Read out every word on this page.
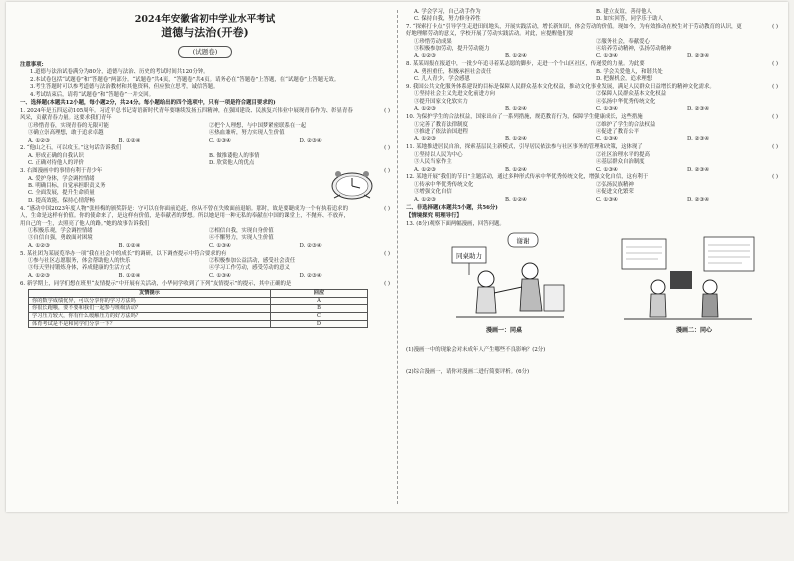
2024年安徽省初中学业水平考试
道德与法治(开卷)
(试题卷)
注意事项:

1.道德与法治试卷满分为80分，道德与法治、历史的考试时间共120分钟。

2.本试卷包括“试题卷”和“答题卷”两部分。“试题卷”共4页，“答题卷”共4页。请务必在“答题卷”上答题，在“试题卷”上答题无效。

3.考生答题时可以参考道德与法治教材和其他资料，但应独立思考，诚信答题。

4.考试结束后，请将“试题卷”和“答题卷”一并交回。

一、选择题(本题共12小题，每小题2分，共24分。每小题给出的四个选项中，只有一项是符合题目要求的)
1. 2024年是五四运动105周年。习近平总书记寄语新时代青年要继续发扬五四精神，在强国建设、民族复兴伟业中展现青春作为、彰显青春风采，贡献青春力量。这要求我们青年
( )
①珍惜青春，实现青春的无限可能	②把个人理想，与中国梦紧密联系在一起
③确立崇高理想，敢于追求卓越	④热血兼听，努力实现人生价值
A. ①②③	B. ①②④	C. ①③④	D. ②③④
2. “他山之石，可以攻玉。”这句话告诉我们	( )
A. 形成正确的自我认识	B. 做推诿他人的事情
C. 正确对待他人的评价	D. 欣赏他人的优点
3. 右图漫画中的事情有利于青少年

A. 爱护身体，学会调控情绪

B. 明确目标，自觉承担职责义务

C. 全面发展，提升生命质量

D. 提高效能，保持心情舒畅

( )
4. “感动中国2023年度人物”张桂梅的颁奖辞是：守可以在你面前追赶，你从不曾在失败面前退缩。那时，故是要睫成为一个有执着追求的人，生命是这样有价值。你的使命来了，是这样有价值，是奉献者的梦想。所以她是用一种无私的奉献在中国的课堂上，不抛弃、不放弃，用自己的一生，去照亮了他人的路。”她的故事告诉我们
( )
①积极乐观，学会调控情绪	②相信自我，实现自身价值
③自信自强，勇敢面对困境	④不懈努力，实现人生价值
A. ①②③	B. ①②④	C. ①③④	D. ②③④
5. 某社团为某展览举办一项“我在社会中的成长”的调研，以下调查提示中符合要求的有	( )
①参与社区志愿服务，体会帮助他人的快乐	②积极参加公益活动，感受社会责任
③每天坚持锻炼身体，养成健康的生活方式	④学习工作劳动，感受劳动的意义
A. ①②③	B. ①②④	C. ①③④	D. ②③④
6. 新学期上，同学们想在班里“友情提示”中开展有关活动，小华同学收到了下列“友情提示”的提示，其中正确的是	( )
友情提示	回应
你的数学成绩优异，可以分享你的学习方法吗	A
你很长跑哦，要不要和我们一起参与班级活动？	B
学习压力较大，你有什么缓解压力的好方法吗？	C
体育考试是不是和同学们分享一下？	D
A. 学会学习，自己动手作为	B. 建立友谊，善待他人
C. 保持自我，努力修身养性	D. 如实回答，同学乐于助人
7. “探索打卡点”引导学生走进田间地头，开展实践活动，增长新知识，体会劳动的价值。现如今，为有效推动在校生对于劳动教育的认识，更好地理解劳动的意义，学校开展了劳动实践活动。对此，应提醒他们要
( )
①珍惜劳动成果	②服务社会，奉献爱心
③积极参加劳动，提升劳动能力	④培养劳动精神，弘扬劳动精神
A. ①②③	B. ①②④	C. ①③④	D. ②③④
8. 某某周报在报道中，一批少年追寻着某志愿的脚步，走进一个个山区社区，传递爱的力量。为此要	( )
A. 勇担重任，积极承担社会责任	B. 学会关爱他人，和谐共处
C. 儿人青少，学会感恩	D. 把握机会，追求理想
9. 我国公共文化服务体系建设的目标是保障人民群众基本文化权益，推动文化事业发展，满足人民群众日益增长的精神文化需求。	( )
①坚持社会主义先进文化前进方向	②保障人民群众基本文化权益
③提升国家文化软实力	④弘扬中华优秀传统文化
A. ①②③	B. ①②④	C. ①③④	D. ②③④
10. 为保护学生的合法权益，国家出台了一系列措施，规范教育行为，保障学生健康成长，这些措施	( )
①完善了教育法律制度	②维护了学生的合法权益
③推进了依法治国进程	④促进了教育公平
A. ①②③	B. ①②④	C. ①③④	D. ②③④
11. 某地推进居民自治，探索基层民主新模式，引导居民依法参与社区事务的管理和决策，这体现了	( )
①坚持以人民为中心	②社区治理水平的提高
③人民当家作主	④基层群众自治制度
A. ①②③	B. ①②④	C. ①③④	D. ②③④
12. 某地开展“我们的节日”主题活动，通过多种形式传承中华优秀传统文化，增强文化自信，这有利于	( )
①传承中华优秀传统文化	②弘扬民族精神
③增强文化自信	④促进文化繁荣
A. ①②③	B. ①②④	C. ①③④	D. ②③④
二、非选择题(本题共5小题，共56分)
【情境探究 明理导行】

13. (8分)观察下面两幅漫画，回答问题。

同桌助力
谢谢
漫画一：同桌	漫画二：同心

(1)漫画一中的现象会对未成年人产生哪些不良影响？(2分)

(2)综合漫画一，请你对漫画二进行简要评析。(6分)
